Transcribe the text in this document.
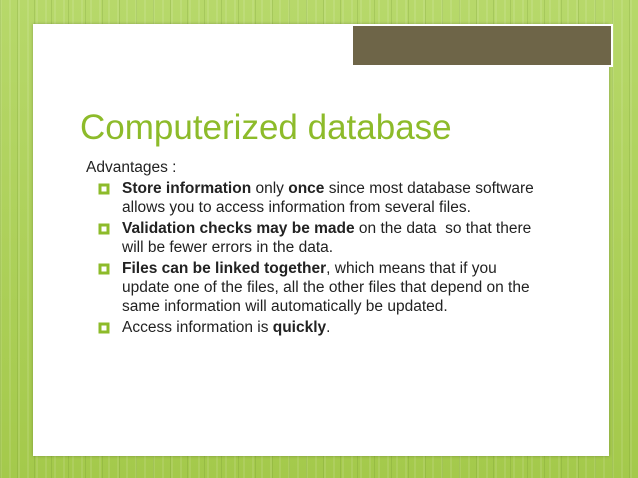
Computerized database

Advantages :

Store information only once since most database software allows you to access information from several files.
Validation checks may be made on the data  so that there will be fewer errors in the data.
Files can be linked together, which means that if you update one of the files, all the other files that depend on the same information will automatically be updated.
Access information is quickly.
